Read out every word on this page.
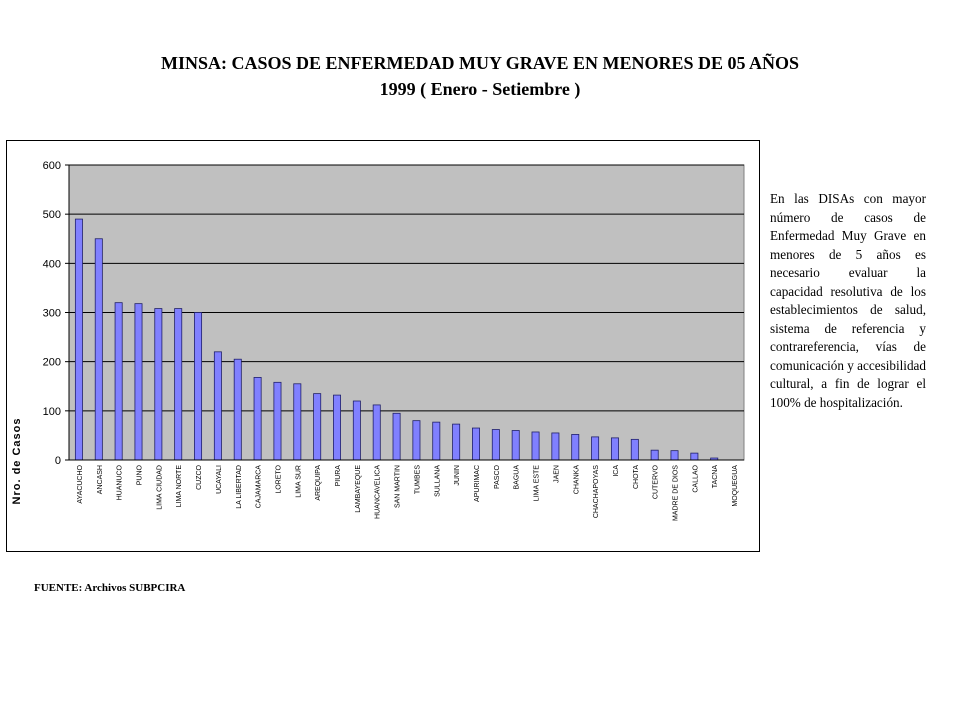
MINSA: CASOS DE ENFERMEDAD MUY GRAVE EN MENORES DE 05 AÑOS
1999 ( Enero - Setiembre )
0
100
200
300
400
500
600
AYACUCHO ANCASH HUANUCO PUNO LIMA CIUDAD LIMA NORTE CUZCO UCAYALI LA LIBERTAD CAJAMARCA LORETO LIMA SUR AREQUIPA PIURA LAMBAYEQUE HUANCAVELICA SAN MARTIN TUMBES SULLANA JUNIN APURIMAC PASCO BAGUA LIMA ESTE JAEN CHANKA CHACHAPOYAS ICA CHOTA CUTERVO MADRE DE DIOS CALLAO TACNA MOQUEGUA
Nro. de Casos
En las DISAs con mayor número de casos de Enfermedad Muy Grave en menores de 5 años es necesario evaluar la capacidad resolutiva de los establecimientos de salud, sistema de referencia y contrareferencia, vías de comunicación y accesibilidad cultural, a fin de lograr el 100% de hospitalización.
FUENTE: Archivos SUBPCIRA
